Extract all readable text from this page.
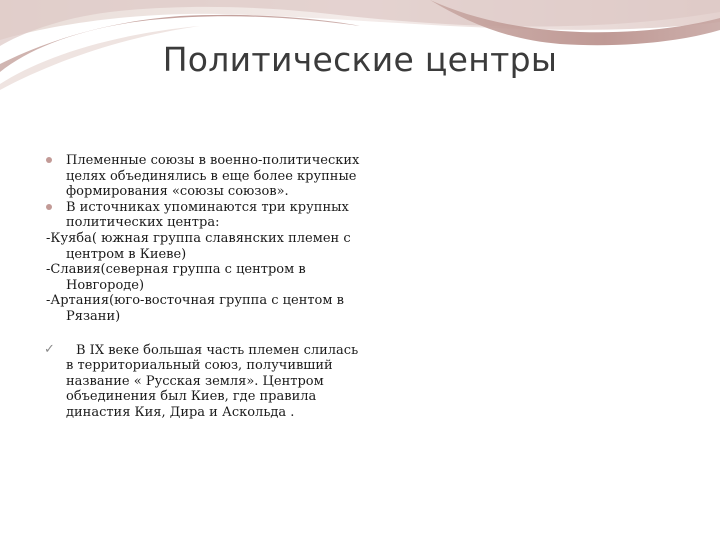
Политические центры

Племенные союзы в военно-политических целях объединялись в еще более крупные формирования «союзы союзов».

В источниках упоминаются три крупных политических центра:

-Куяба( южная группа славянских племен с центром в Киеве)

-Славия(северная группа с центром в Новгороде)

-Артания(юго-восточная группа с центом в Рязани)

✓ В IX веке большая часть племен слилась в территориальный союз, получивший название « Русская земля». Центром объединения был Киев, где правила династия Кия, Дира и Аскольда .
